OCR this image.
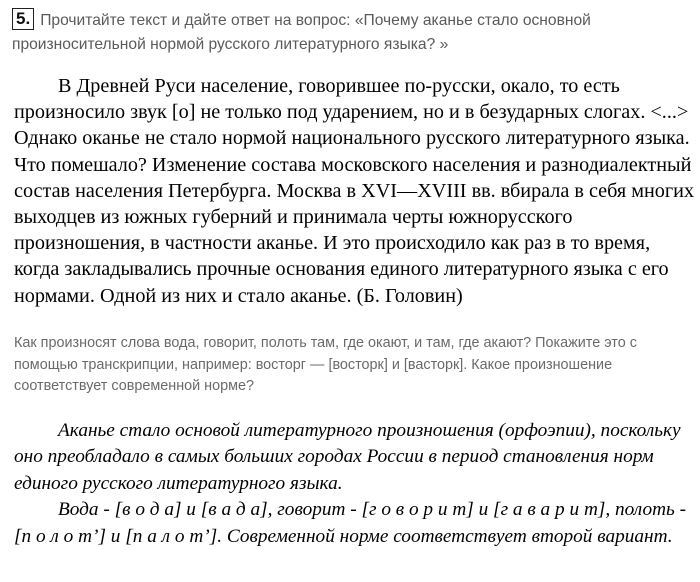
5. Прочитайте текст и дайте ответ на вопрос: «Почему аканье стало основной произносительной нормой русского литературного языка? »

В Древней Руси население, говорившее по-русски, окало, то есть произносило звук [о] не только под ударением, но и в безударных слогах. <...> Однако оканье не стало нормой национального русского литературного языка. Что помешало? Изменение состава московского населения и разнодиалектный состав населения Петербурга. Москва в XVI—XVIII вв. вбирала в себя многих выходцев из южных губерний и принимала черты южнорусского произношения, в частности аканье. И это происходило как раз в то время, когда закладывались прочные основания единого литературного языка с его нормами. Одной из них и стало аканье. (Б. Головин)

Как произносят слова вода, говорит, полоть там, где окают, и там, где акают? Покажите это с помощью транскрипции, например: восторг — [восторк] и [васторк]. Какое произношение соответствует современной норме?

Аканье стало основой литературного произношения (орфоэпии), поскольку оно преобладало в самых больших городах России в период становления норм единого русского литературного языка.

Вода - [в о д а] и [в а д а], говорит - [г о в о р и т] и [г а в а р и т], полоть - [п о л о т’] и [п а л о т’]. Современной норме соответствует второй вариант.
